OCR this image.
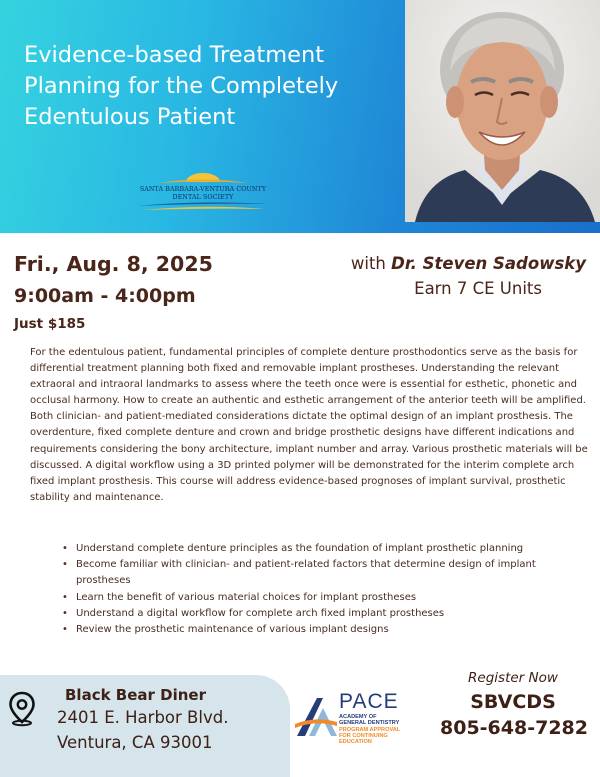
Evidence-based Treatment
Planning for the Completely
Edentulous Patient
SANTA BARBARA-VENTURA COUNTY
DENTAL SOCIETY
Fri., Aug. 8, 2025
9:00am - 4:00pm
Just $185
with Dr. Steven Sadowsky
Earn 7 CE Units

For the edentulous patient, fundamental principles of complete denture prosthodontics serve as the basis for differential treatment planning both fixed and removable implant prostheses. Understanding the relevant extraoral and intraoral landmarks to assess where the teeth once were is essential for esthetic, phonetic and occlusal harmony. How to create an authentic and esthetic arrangement of the anterior teeth will be amplified. Both clinician- and patient-mediated considerations dictate the optimal design of an implant prosthesis. The overdenture, fixed complete denture and crown and bridge prosthetic designs have different indications and requirements considering the bony architecture, implant number and array. Various prosthetic materials will be discussed. A digital workflow using a 3D printed polymer will be demonstrated for the interim complete arch fixed implant prosthesis. This course will address evidence-based prognoses of implant survival, prosthetic stability and maintenance.

• Understand complete denture principles as the foundation of implant prosthetic planning
• Become familiar with clinician- and patient-related factors that determine design of implant prostheses
• Learn the benefit of various material choices for implant prostheses
• Understand a digital workflow for complete arch fixed implant prostheses
• Review the prosthetic maintenance of various implant designs
Black Bear Diner
2401 E. Harbor Blvd.
Ventura, CA 93001
PACE
ACADEMY OF
GENERAL DENTISTRY
PROGRAM APPROVAL
FOR CONTINUING
EDUCATION
Register Now
SBVCDS
805-648-7282
